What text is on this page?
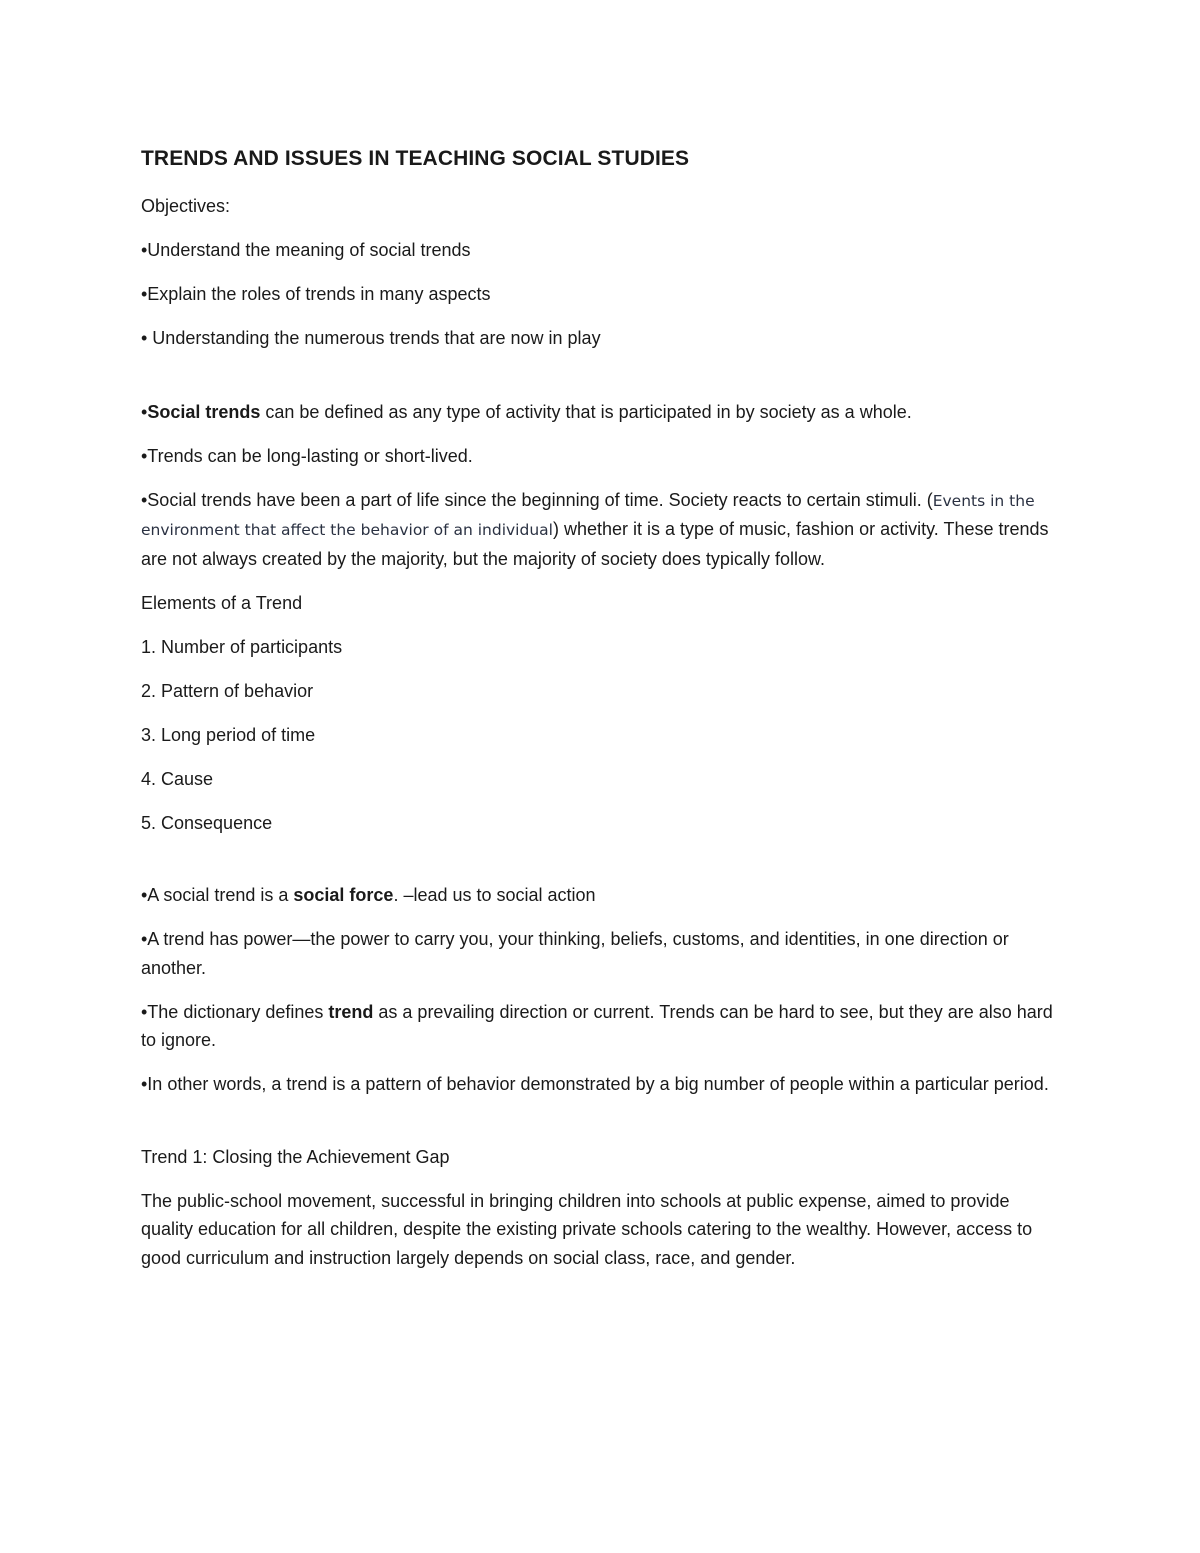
TRENDS AND ISSUES IN TEACHING SOCIAL STUDIES

Objectives:

•Understand the meaning of social trends

•Explain the roles of trends in many aspects

• Understanding the numerous trends that are now in play

•Social trends can be defined as any type of activity that is participated in by society as a whole.

•Trends can be long-lasting or short-lived.

•Social trends have been a part of life since the beginning of time. Society reacts to certain stimuli. (Events in the environment that affect the behavior of an individual) whether it is a type of music, fashion or activity. These trends are not always created by the majority, but the majority of society does typically follow.

Elements of a Trend

1. Number of participants

2. Pattern of behavior

3. Long period of time

4. Cause

5. Consequence

•A social trend is a social force. –lead us to social action

•A trend has power—the power to carry you, your thinking, beliefs, customs, and identities, in one direction or another.

•The dictionary defines trend as a prevailing direction or current. Trends can be hard to see, but they are also hard to ignore.

•In other words, a trend is a pattern of behavior demonstrated by a big number of people within a particular period.

Trend 1: Closing the Achievement Gap

The public-school movement, successful in bringing children into schools at public expense, aimed to provide quality education for all children, despite the existing private schools catering to the wealthy. However, access to good curriculum and instruction largely depends on social class, race, and gender.
